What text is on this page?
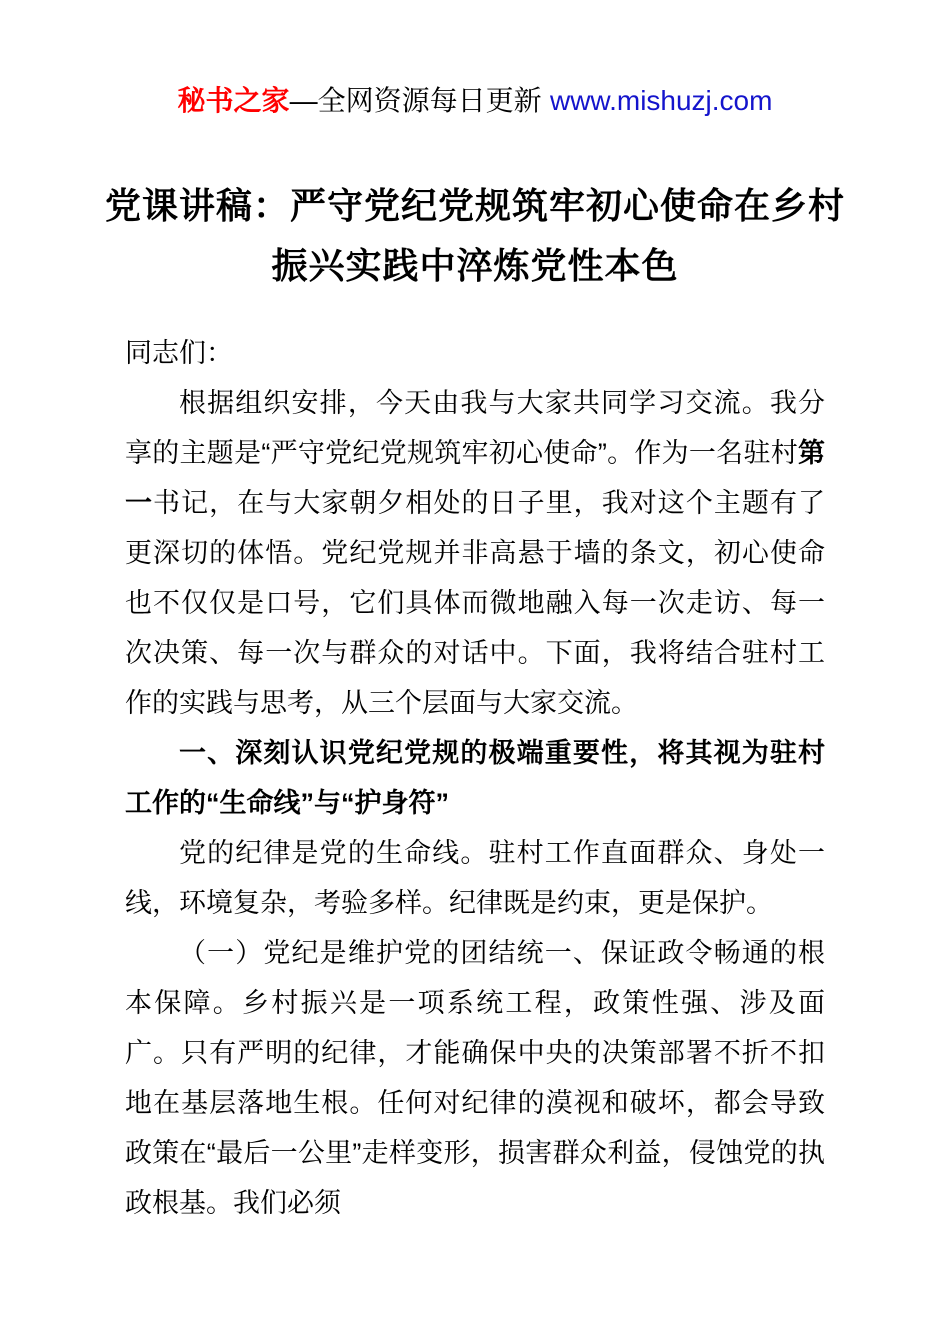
秘书之家—全网资源每日更新 www.mishuzj.com
党课讲稿：严守党纪党规筑牢初心使命在乡村
振兴实践中淬炼党性本色

同志们：

根据组织安排，今天由我与大家共同学习交流。我分享的主题是“严守党纪党规筑牢初心使命”。作为一名驻村第一书记，在与大家朝夕相处的日子里，我对这个主题有了更深切的体悟。党纪党规并非高悬于墙的条文，初心使命也不仅仅是口号，它们具体而微地融入每一次走访、每一次决策、每一次与群众的对话中。下面，我将结合驻村工作的实践与思考，从三个层面与大家交流。

一、深刻认识党纪党规的极端重要性，将其视为驻村工作的“生命线”与“护身符”

党的纪律是党的生命线。驻村工作直面群众、身处一线，环境复杂，考验多样。纪律既是约束，更是保护。

（一）党纪是维护党的团结统一、保证政令畅通的根本保障。乡村振兴是一项系统工程，政策性强、涉及面广。只有严明的纪律，才能确保中央的决策部署不折不扣地在基层落地生根。任何对纪律的漠视和破坏，都会导致政策在“最后一公里”走样变形，损害群众利益，侵蚀党的执政根基。我们必须
